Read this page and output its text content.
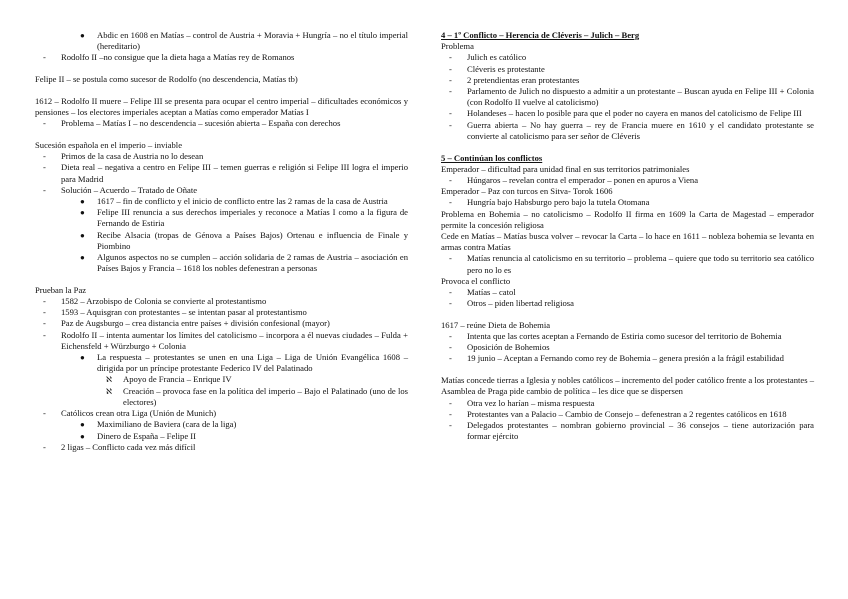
● Abdic en 1608 en Matías – control de Austria + Moravia + Hungría – no el título imperial (hereditario)
- Rodolfo II –no consigue que la dieta haga a Matías rey de Romanos
Felipe II – se postula como sucesor de Rodolfo (no descendencia, Matías tb)
1612 – Rodolfo II muere – Felipe III se presenta para ocupar el centro imperial – dificultades económicos y pensiones – los electores imperiales aceptan a Matías como emperador Matías I
- Problema – Matías I – no descendencia – sucesión abierta – España con derechos
Sucesión española en el imperio – inviable
- Primos de la casa de Austria no lo desean
- Dieta real – negativa a centro en Felipe III – temen guerras e religión si Felipe III logra el imperio para Madrid
- Solución – Acuerdo – Tratado de Oñate
● 1617 – fin de conflicto y el inicio de conflicto entre las 2 ramas de la casa de Austria
● Felipe III renuncia a sus derechos imperiales y reconoce a Matías I como a la figura de Fernando de Estiria
● Recibe Alsacia (tropas de Génova a Países Bajos) Ortenau e influencia de Finale y Piombino
● Algunos aspectos no se cumplen – acción solidaria de 2 ramas de Austria – asociación en Países Bajos y Francia – 1618 los nobles defenestran a personas
Prueban la Paz
- 1582 – Arzobispo de Colonia se convierte al protestantismo
- 1593 – Aquisgran con protestantes – se intentan pasar al protestantismo
- Paz de Augsburgo – crea distancia entre países + división confesional (mayor)
- Rodolfo II – intenta aumentar los límites del catolicismo – incorpora a él nuevas ciudades – Fulda + Eichensfeld + Würzburgo + Colonia
● La respuesta – protestantes se unen en una Liga – Liga de Unión Evangélica 1608 – dirigida por un príncipe protestante Federico IV del Palatinado
ℵ Apoyo de Francia – Enrique IV
ℵ Creación – provoca fase en la política del imperio – Bajo el Palatinado (uno de los electores)
- Católicos crean otra Liga (Unión de Munich)
● Maximiliano de Baviera (cara de la liga)
● Dinero de España – Felipe II
- 2 ligas – Conflicto cada vez más difícil
4 – 1º Conflicto – Herencia de Cléveris – Julich – Berg
Problema
- Julich es católico
- Cléveris es protestante
- 2 pretendientas eran protestantes
- Parlamento de Julich no dispuesto a admitir a un protestante – Buscan ayuda en Felipe III + Colonia (con Rodolfo II vuelve al catolicismo)
- Holandeses – hacen lo posible para que el poder no cayera en manos del catolicismo de Felipe III
- Guerra abierta – No hay guerra – rey de Francia muere en 1610 y el candidato protestante se convierte al catolicismo para ser señor de Cléveris
5 – Continúan los conflictos
Emperador – dificultad para unidad final en sus territorios patrimoniales
- Húngaros – revelan contra el emperador – ponen en apuros a Viena
Emperador – Paz con turcos en Sitva- Torok 1606
- Hungría bajo Habsburgo pero bajo la tutela Otomana
Problema en Bohemia – no catolicismo – Rodolfo II firma en 1609 la Carta de Magestad – emperador permite la concesión religiosa
Cede en Matías – Matías busca volver – revocar la Carta – lo hace en 1611 – nobleza bohemia se levanta en armas contra Matías
- Matías renuncia al catolicismo en su territorio – problema – quiere que todo su territorio sea católico pero no lo es
Provoca el conflicto
- Matías – catol
- Otros – piden libertad religiosa
1617 – reúne Dieta de Bohemia
- Intenta que las cortes aceptan a Fernando de Estiria como sucesor del territorio de Bohemia
- Oposición de Bohemios
- 19 junio – Aceptan a Fernando como rey de Bohemia – genera presión a la frágil estabilidad
Matías concede tierras a Iglesia y nobles católicos – incremento del poder católico frente a los protestantes – Asamblea de Praga pide cambio de política – les dice que se dispersen
- Otra vez lo harían – misma respuesta
- Protestantes van a Palacio – Cambio de Consejo – defenestran a 2 regentes católicos en 1618
- Delegados protestantes – nombran gobierno provincial – 36 consejos – tiene autorización para formar ejército
